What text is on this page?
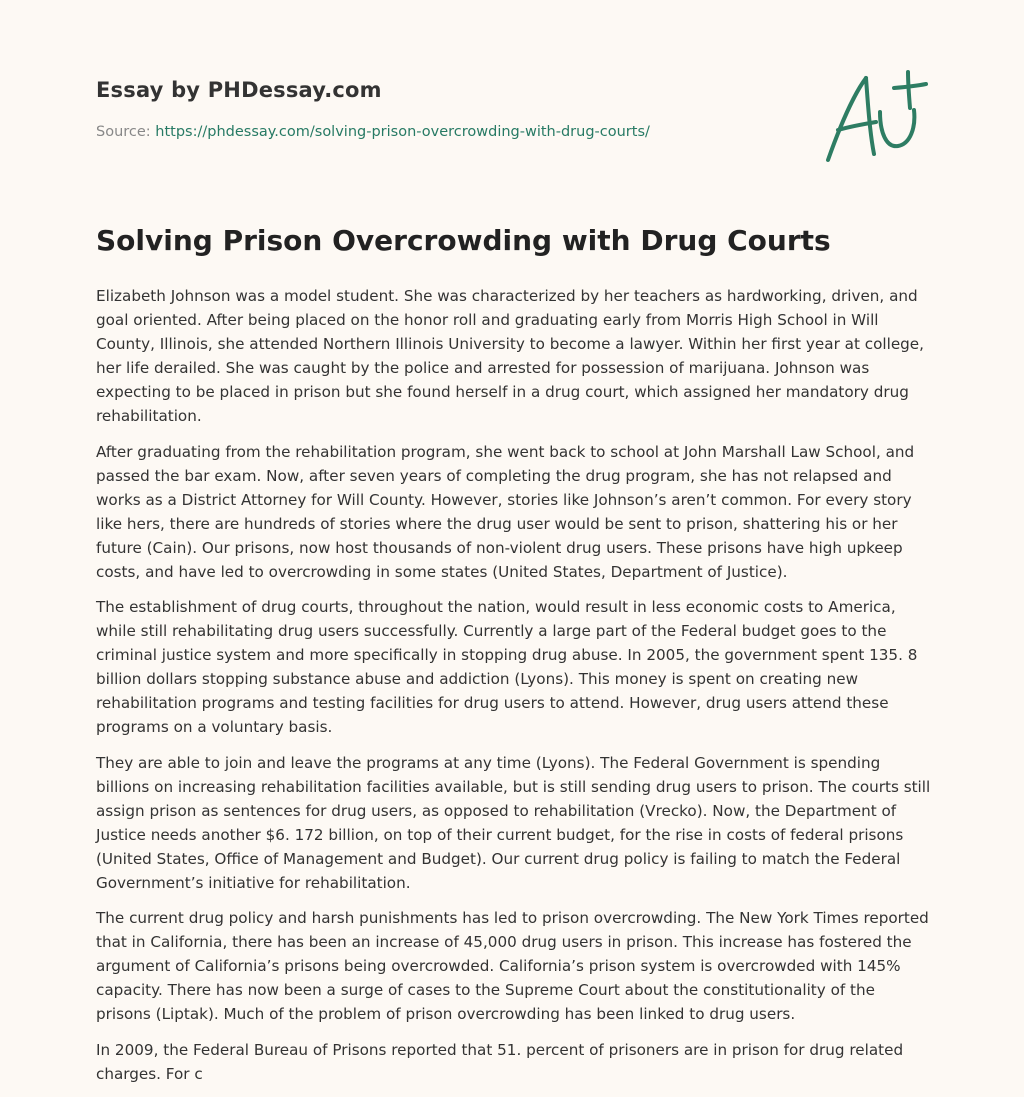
Essay by PHDessay.com
Source: https://phdessay.com/solving-prison-overcrowding-with-drug-courts/
Solving Prison Overcrowding with Drug Courts

Elizabeth Johnson was a model student. She was characterized by her teachers as hardworking, driven, and goal oriented. After being placed on the honor roll and graduating early from Morris High School in Will County, Illinois, she attended Northern Illinois University to become a lawyer. Within her first year at college, her life derailed. She was caught by the police and arrested for possession of marijuana. Johnson was expecting to be placed in prison but she found herself in a drug court, which assigned her mandatory drug rehabilitation.

After graduating from the rehabilitation program, she went back to school at John Marshall Law School, and passed the bar exam. Now, after seven years of completing the drug program, she has not relapsed and works as a District Attorney for Will County. However, stories like Johnson’s aren’t common. For every story like hers, there are hundreds of stories where the drug user would be sent to prison, shattering his or her future (Cain). Our prisons, now host thousands of non-violent drug users. These prisons have high upkeep costs, and have led to overcrowding in some states (United States, Department of Justice).

The establishment of drug courts, throughout the nation, would result in less economic costs to America, while still rehabilitating drug users successfully. Currently a large part of the Federal budget goes to the criminal justice system and more specifically in stopping drug abuse. In 2005, the government spent 135. 8 billion dollars stopping substance abuse and addiction (Lyons). This money is spent on creating new rehabilitation programs and testing facilities for drug users to attend. However, drug users attend these programs on a voluntary basis.

They are able to join and leave the programs at any time (Lyons). The Federal Government is spending billions on increasing rehabilitation facilities available, but is still sending drug users to prison. The courts still assign prison as sentences for drug users, as opposed to rehabilitation (Vrecko). Now, the Department of Justice needs another $6. 172 billion, on top of their current budget, for the rise in costs of federal prisons (United States, Office of Management and Budget). Our current drug policy is failing to match the Federal Government’s initiative for rehabilitation.

The current drug policy and harsh punishments has led to prison overcrowding. The New York Times reported that in California, there has been an increase of 45,000 drug users in prison. This increase has fostered the argument of California’s prisons being overcrowded. California’s prison system is overcrowded with 145% capacity. There has now been a surge of cases to the Supreme Court about the constitutionality of the prisons (Liptak). Much of the problem of prison overcrowding has been linked to drug users.

In 2009, the Federal Bureau of Prisons reported that 51. percent of prisoners are in prison for drug related charges. For c
